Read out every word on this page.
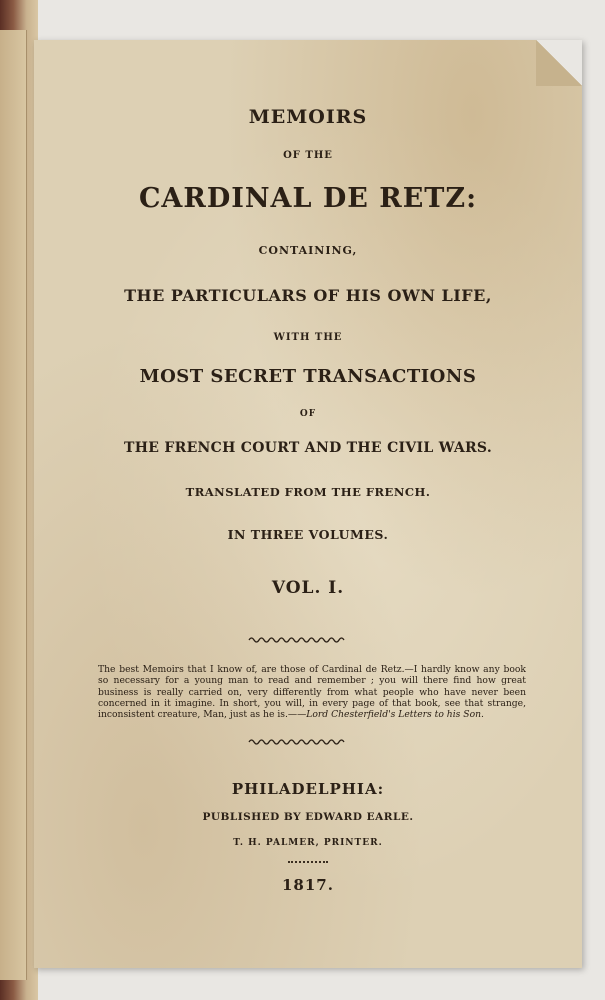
MEMOIRS
OF THE
CARDINAL DE RETZ:
CONTAINING,
THE PARTICULARS OF HIS OWN LIFE,
WITH THE
MOST SECRET TRANSACTIONS
OF
THE FRENCH COURT AND THE CIVIL WARS.
TRANSLATED FROM THE FRENCH.
IN THREE VOLUMES.
VOL. I.

The best Memoirs that I know of, are those of Cardinal de Retz.—I hardly know any book so necessary for a young man to read and remember ; you will there find how great business is really carried on, very differently from what people who have never been concerned in it imagine. In short, you will, in every page of that book, see that strange, inconsistent creature, Man, just as he is.——Lord Chesterfield's Letters to his Son.

PHILADELPHIA:
PUBLISHED BY EDWARD EARLE.
T. H. PALMER, PRINTER.
1817.
